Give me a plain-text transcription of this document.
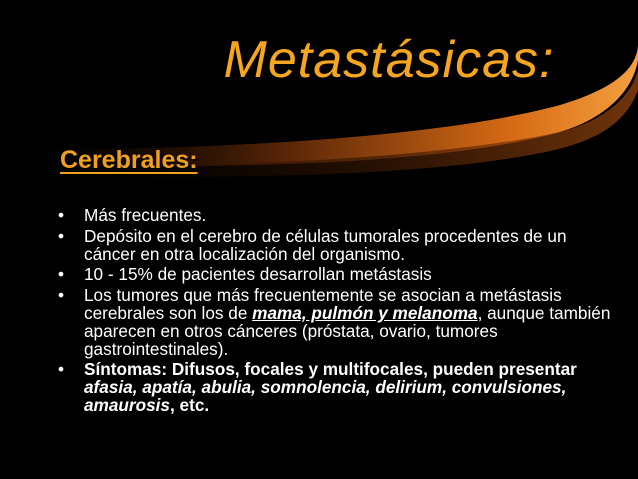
Metastásicas:
Cerebrales:
• Más frecuentes.
• Depósito en el cerebro de células tumorales procedentes de un cáncer en otra localización del organismo.
• 10 - 15% de pacientes desarrollan metástasis
• Los tumores que más frecuentemente se asocian a metástasis cerebrales son los de mama, pulmón y melanoma, aunque también aparecen en otros cánceres (próstata, ovario, tumores gastrointestinales).
• Síntomas: Difusos, focales y multifocales, pueden presentar afasia, apatía, abulia, somnolencia, delirium, convulsiones, amaurosis, etc.
